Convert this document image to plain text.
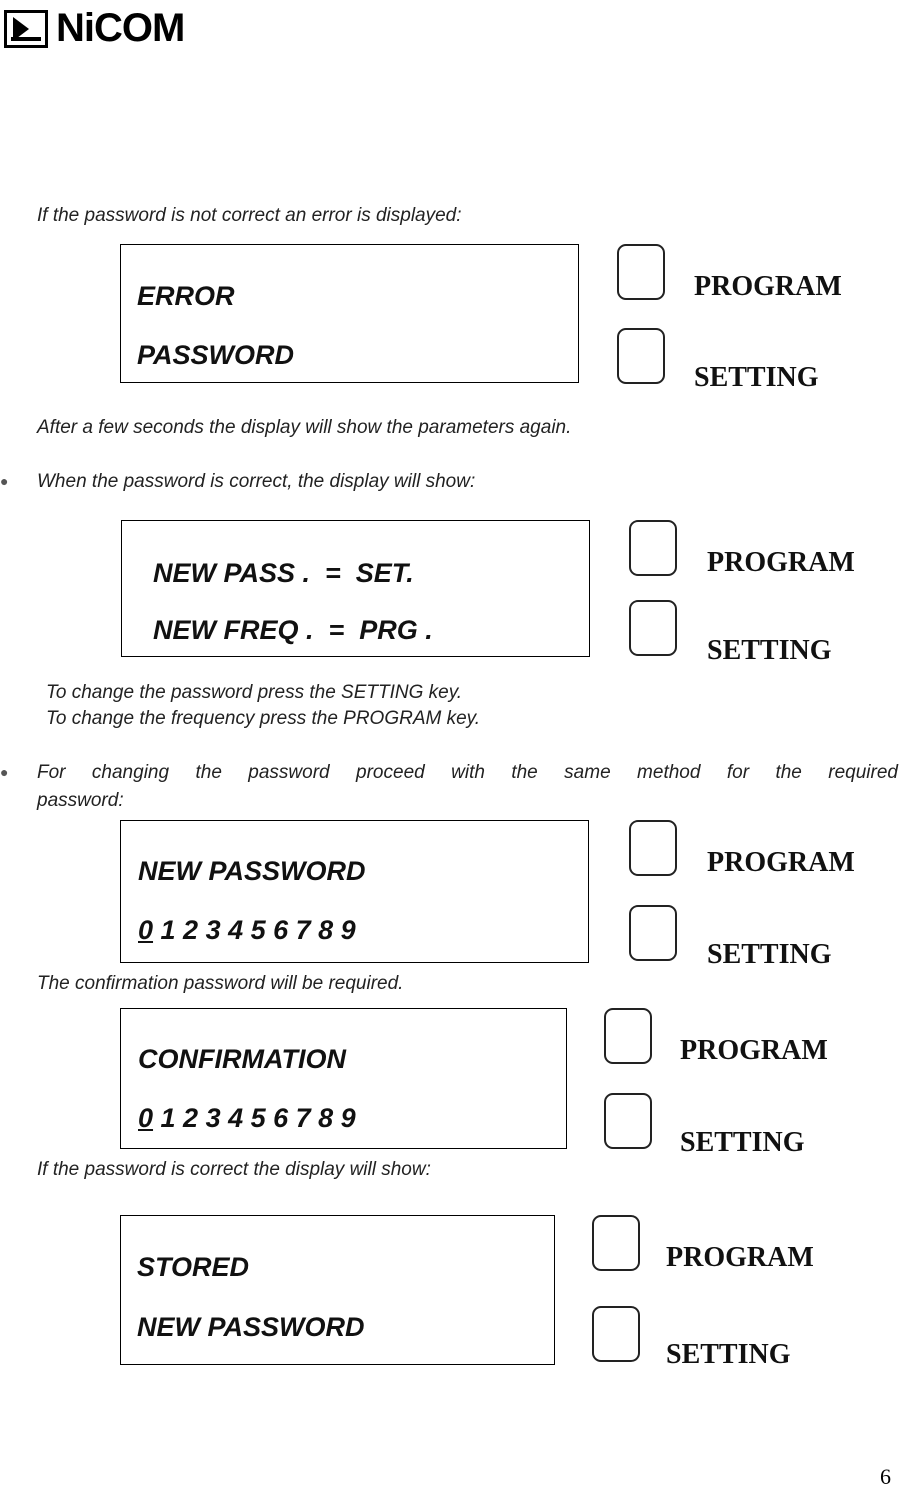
NiCOM
If the password is not correct an error is displayed:
ERROR
PASSWORD
PROGRAM
SETTING
After a few seconds the display will show the parameters again.
● When the password is correct, the display will show:
NEW PASS .  =  SET.
NEW FREQ .  =  PRG .
PROGRAM
SETTING
To change the password press the SETTING key.
To change the frequency press the PROGRAM key.
● For changing the password proceed with the same method for the required
password:
NEW PASSWORD
0 1 2 3 4 5 6 7 8 9
PROGRAM
SETTING
The confirmation password will be required.
CONFIRMATION
0 1 2 3 4 5 6 7 8 9
PROGRAM
SETTING
If the password is correct the display will show:
STORED
NEW PASSWORD
PROGRAM
SETTING
6
